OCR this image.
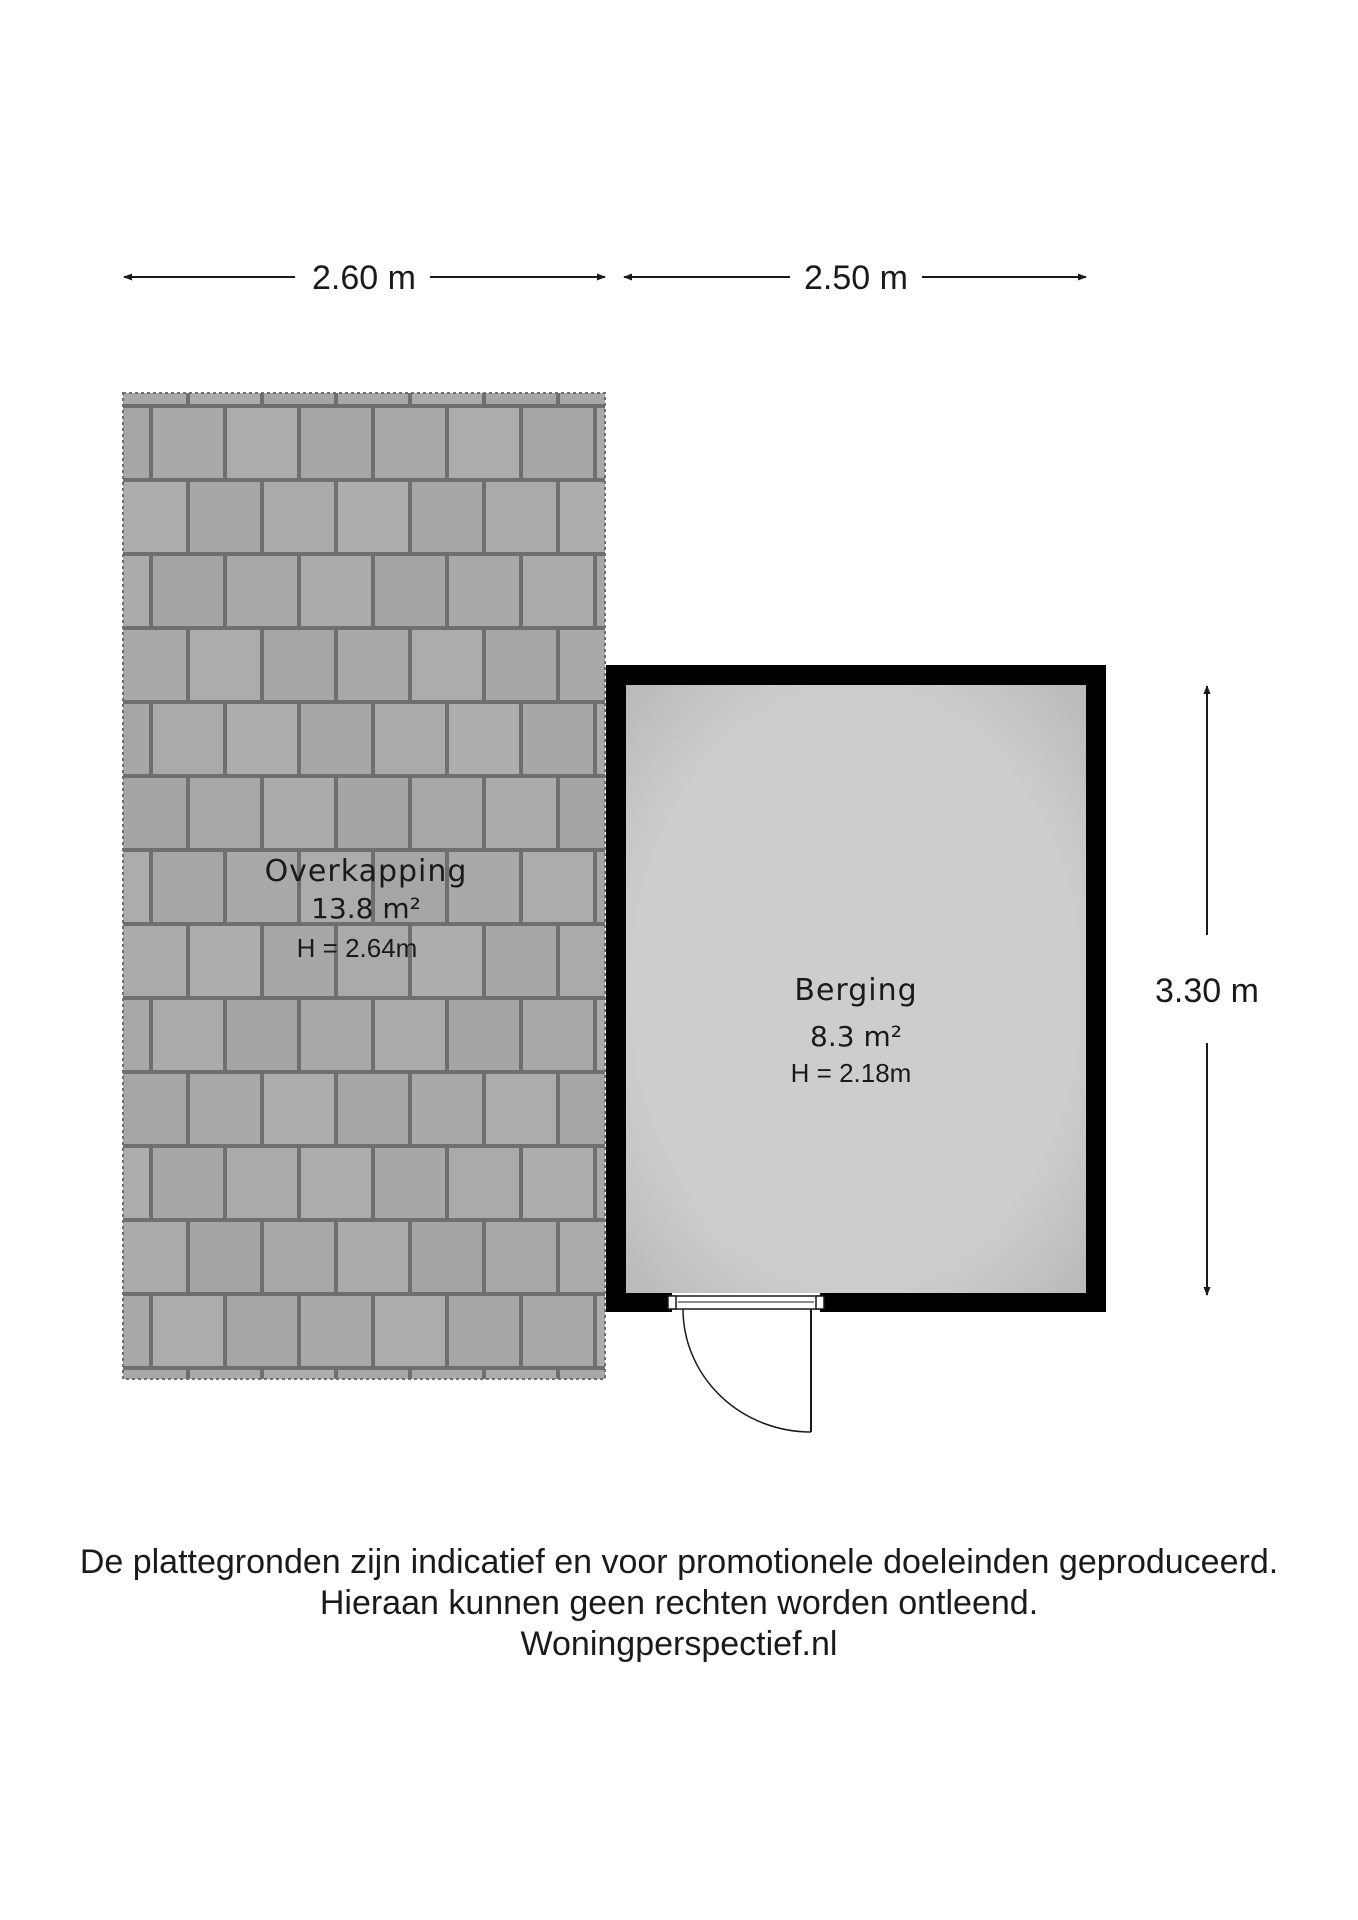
2.60 m	2.50 m
3.30 m
Overkapping
13.8 m²
H = 2.64m
Berging
8.3 m²
H = 2.18m
De plattegronden zijn indicatief en voor promotionele doeleinden geproduceerd.
Hieraan kunnen geen rechten worden ontleend.
Woningperspectief.nl
